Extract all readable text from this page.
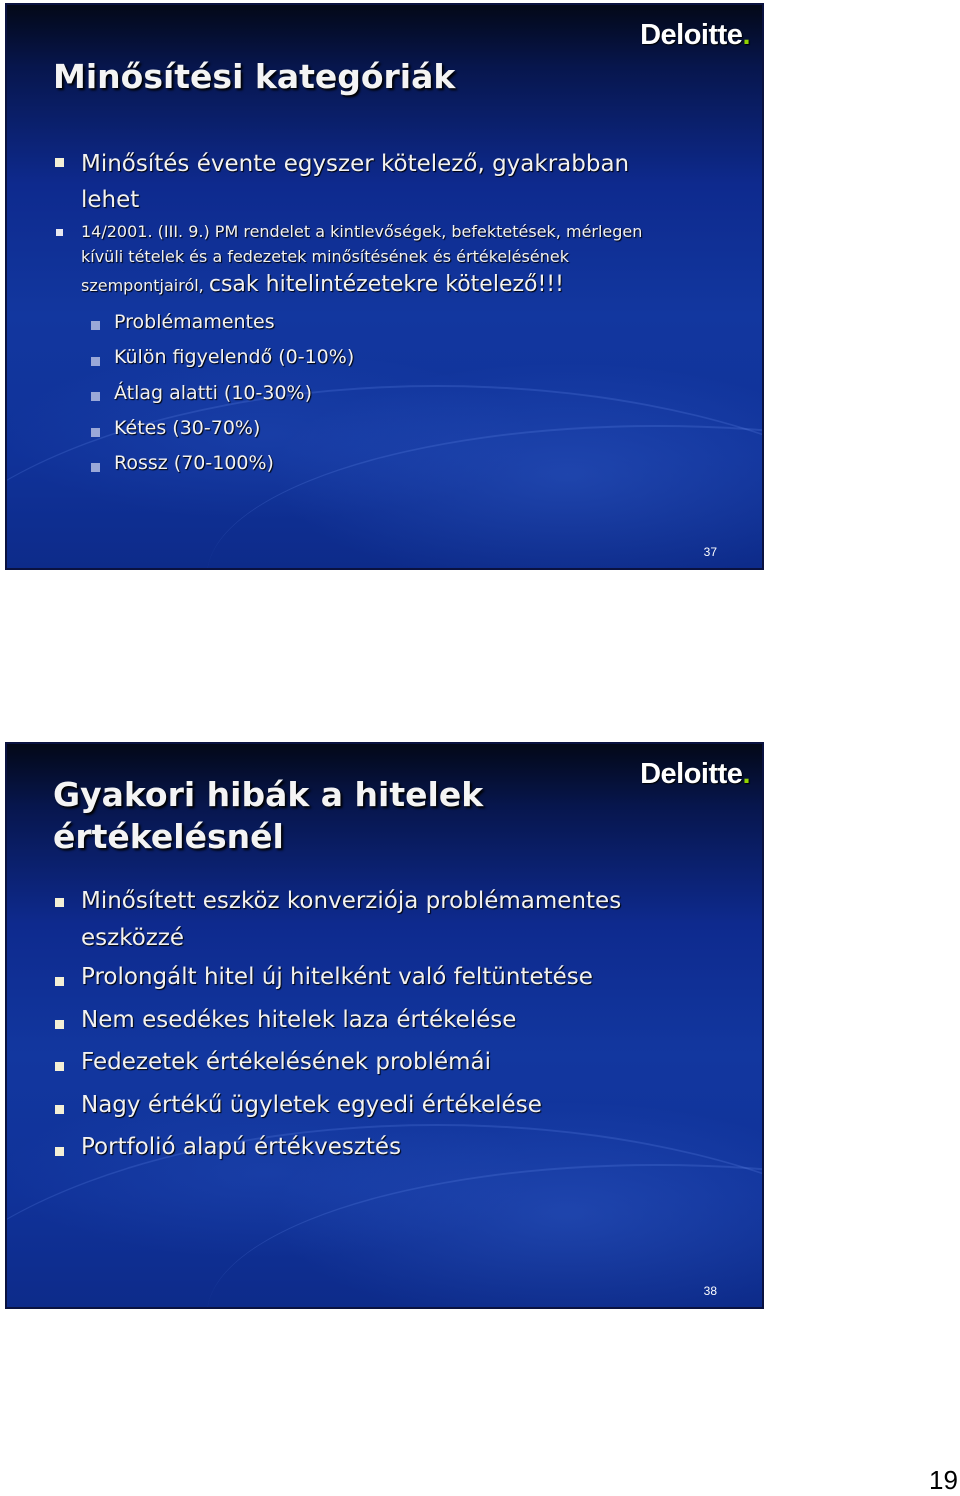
Minősítési kategóriák
Deloitte.
Minősítés évente egyszer kötelező, gyakrabban
lehet
14/2001. (III. 9.) PM rendelet a kintlevőségek, befektetések, mérlegen
kívüli tételek és a fedezetek minősítésének és értékelésének
szempontjairól, csak hitelintézetekre kötelező!!!
Problémamentes
Külön figyelendő (0-10%)
Átlag alatti (10-30%)
Kétes (30-70%)
Rossz (70-100%)
37
Gyakori hibák a hitelek
értékelésnél
Deloitte.
Minősített eszköz konverziója problémamentes
eszközzé
Prolongált hitel új hitelként való feltüntetése
Nem esedékes hitelek laza értékelése
Fedezetek értékelésének problémái
Nagy értékű ügyletek egyedi értékelése
Portfolió alapú értékvesztés
38
19
